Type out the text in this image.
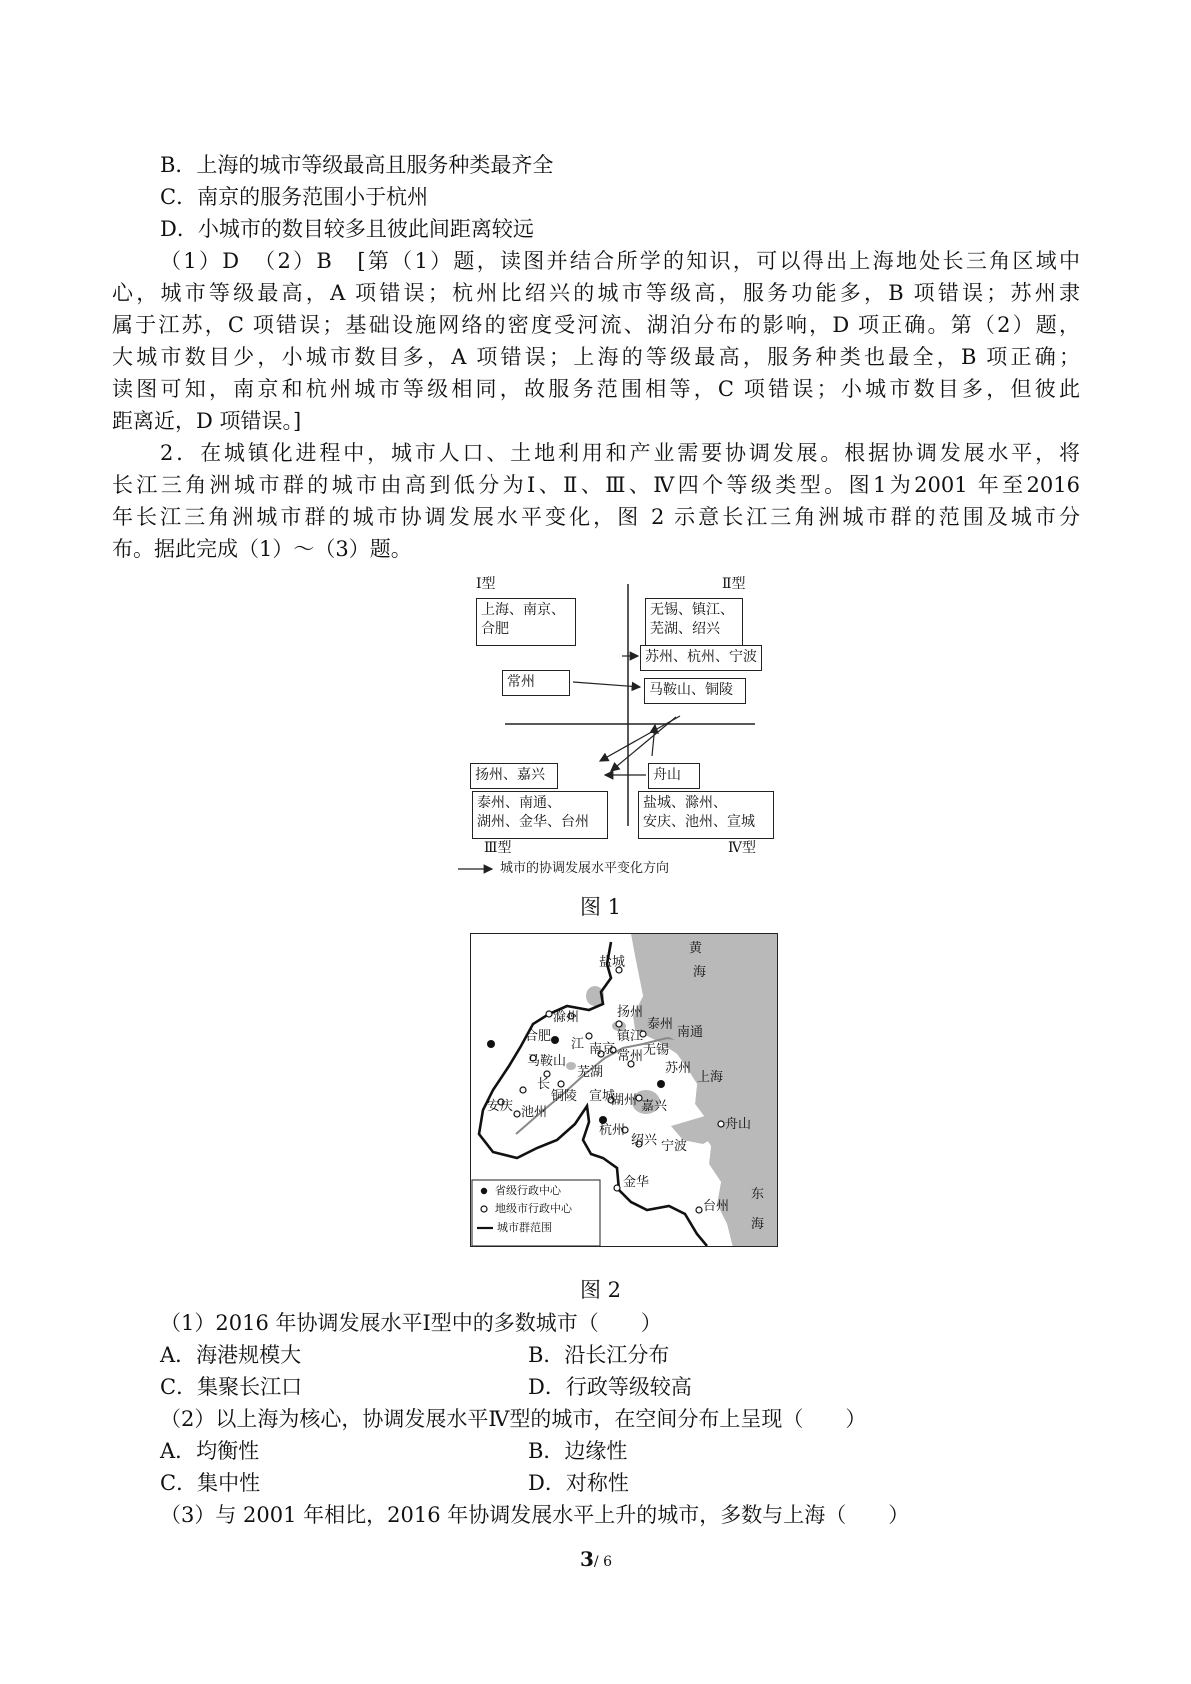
B．上海的城市等级最高且服务种类最齐全
C．南京的服务范围小于杭州
D．小城市的数目较多且彼此间距离较远
（1）D　（2）B　[第（1）题，读图并结合所学的知识，可以得出上海地处长三角区域中
心，城市等级最高，A 项错误；杭州比绍兴的城市等级高，服务功能多，B 项错误；苏州隶
属于江苏，C 项错误；基础设施网络的密度受河流、湖泊分布的影响，D 项正确。第（2）题，
大城市数目少，小城市数目多，A 项错误；上海的等级最高，服务种类也最全，B 项正确；
读图可知，南京和杭州城市等级相同，故服务范围相等，C 项错误；小城市数目多，但彼此
距离近，D 项错误。]
2．在城镇化进程中，城市人口、土地利用和产业需要协调发展。根据协调发展水平，将
长江三角洲城市群的城市由高到低分为Ⅰ、Ⅱ、Ⅲ、Ⅳ四个等级类型。图1为2001 年至2016
年长江三角洲城市群的城市协调发展水平变化，图 2 示意长江三角洲城市群的范围及城市分
布。据此完成（1）～（3）题。
Ⅰ型	Ⅱ型
上海、南京、
合肥
无锡、镇江、
芜湖、绍兴
苏州、杭州、宁波
常州	马鞍山、铜陵
扬州、嘉兴	舟山
泰州、南通、
湖州、金华、台州
盐城、滁州、
安庆、池州、宣城
Ⅲ型	Ⅳ型
城市的协调发展水平变化方向
图 1
黄
海
东
海
长
江
盐城
滁州	扬州
泰州
南通
合肥
南京
镇江
常州 无锡
马鞍山
芜湖	苏州
上海
铜陵 宣城
湖州 嘉兴
安庆 池州
杭州	舟山
绍兴 宁波
金华
台州
省级行政中心
地级市行政中心
城市群范围
图 2
（1）2016 年协调发展水平Ⅰ型中的多数城市（　　）
A．海港规模大	B．沿长江分布
C．集聚长江口	D．行政等级较高
（2）以上海为核心，协调发展水平Ⅳ型的城市，在空间分布上呈现（　　）
A．均衡性	B．边缘性
C．集中性	D．对称性
（3）与 2001 年相比，2016 年协调发展水平上升的城市，多数与上海（　　）
3/ 6
